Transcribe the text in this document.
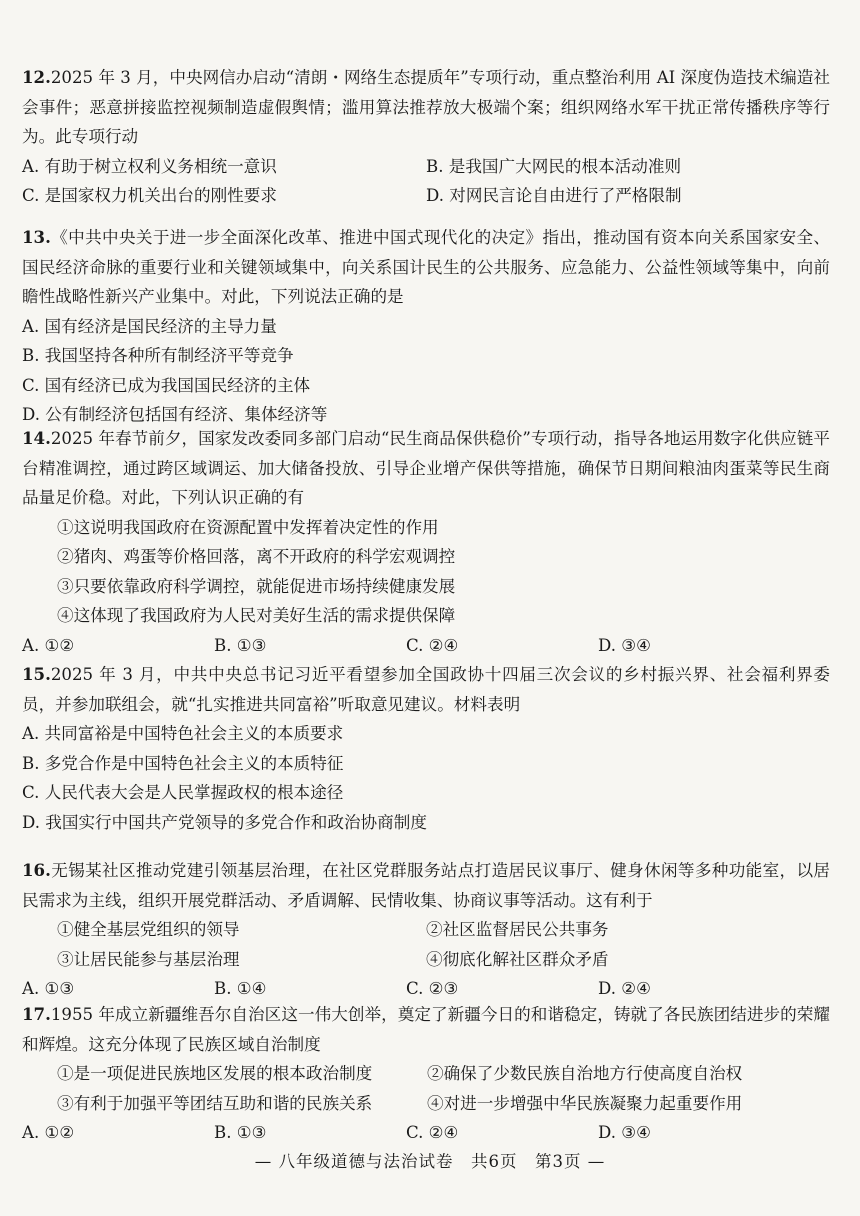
12.2025 年 3 月，中央网信办启动“清朗・网络生态提质年”专项行动，重点整治利用 AI 深度伪造技术编造社会事件；恶意拼接监控视频制造虚假舆情；滥用算法推荐放大极端个案；组织网络水军干扰正常传播秩序等行为。此专项行动

A. 有助于树立权利义务相统一意识	B. 是我国广大网民的根本活动准则
C. 是国家权力机关出台的刚性要求	D. 对网民言论自由进行了严格限制

13.《中共中央关于进一步全面深化改革、推进中国式现代化的决定》指出，推动国有资本向关系国家安全、国民经济命脉的重要行业和关键领域集中，向关系国计民生的公共服务、应急能力、公益性领域等集中，向前瞻性战略性新兴产业集中。对此，下列说法正确的是

A. 国有经济是国民经济的主导力量

B. 我国坚持各种所有制经济平等竞争

C. 国有经济已成为我国国民经济的主体

D. 公有制经济包括国有经济、集体经济等

14.2025 年春节前夕，国家发改委同多部门启动“民生商品保供稳价”专项行动，指导各地运用数字化供应链平台精准调控，通过跨区域调运、加大储备投放、引导企业增产保供等措施，确保节日期间粮油肉蛋菜等民生商品量足价稳。对此，下列认识正确的有

①这说明我国政府在资源配置中发挥着决定性的作用

②猪肉、鸡蛋等价格回落，离不开政府的科学宏观调控

③只要依靠政府科学调控，就能促进市场持续健康发展

④这体现了我国政府为人民对美好生活的需求提供保障

A. ①②	B. ①③	C. ②④	D. ③④

15.2025 年 3 月，中共中央总书记习近平看望参加全国政协十四届三次会议的乡村振兴界、社会福利界委员，并参加联组会，就“扎实推进共同富裕”听取意见建议。材料表明

A. 共同富裕是中国特色社会主义的本质要求

B. 多党合作是中国特色社会主义的本质特征

C. 人民代表大会是人民掌握政权的根本途径

D. 我国实行中国共产党领导的多党合作和政治协商制度

16.无锡某社区推动党建引领基层治理，在社区党群服务站点打造居民议事厅、健身休闲等多种功能室，以居民需求为主线，组织开展党群活动、矛盾调解、民情收集、协商议事等活动。这有利于

①健全基层党组织的领导	②社区监督居民公共事务
③让居民能参与基层治理	④彻底化解社区群众矛盾
A. ①③	B. ①④	C. ②③	D. ②④

17.1955 年成立新疆维吾尔自治区这一伟大创举，奠定了新疆今日的和谐稳定，铸就了各民族团结进步的荣耀和辉煌。这充分体现了民族区域自治制度

①是一项促进民族地区发展的根本政治制度	②确保了少数民族自治地方行使高度自治权
③有利于加强平等团结互助和谐的民族关系	④对进一步增强中华民族凝聚力起重要作用
A. ①②	B. ①③	C. ②④	D. ③④
— 八年级道德与法治试卷　共6页　第3页 —
